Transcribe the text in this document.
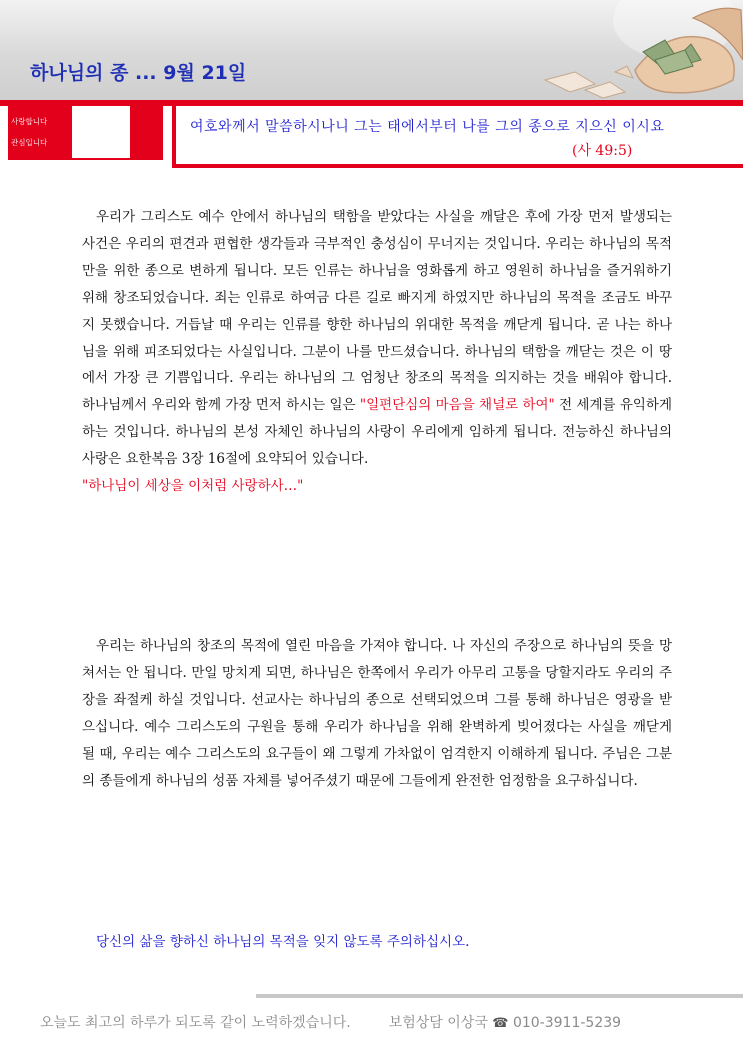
하나님의 종 ... 9월 21일
사랑합니다
관심입니다
여호와께서 말씀하시나니 그는 태에서부터 나를 그의 종으로 지으신 이시요
(사 49:5)

우리가 그리스도 예수 안에서 하나님의 택함을 받았다는 사실을 깨달은 후에 가장 먼저 발생되는 사건은 우리의 편견과 편협한 생각들과 극부적인 충성심이 무너지는 것입니다. 우리는 하나님의 목적만을 위한 종으로 변하게 됩니다. 모든 인류는 하나님을 영화롭게 하고 영원히 하나님을 즐거워하기 위해 창조되었습니다. 죄는 인류로 하여금 다른 길로 빠지게 하였지만 하나님의 목적을 조금도 바꾸지 못했습니다. 거듭날 때 우리는 인류를 향한 하나님의 위대한 목적을 깨닫게 됩니다. 곧 나는 하나님을 위해 피조되었다는 사실입니다. 그분이 나를 만드셨습니다. 하나님의 택함을 깨닫는 것은 이 땅에서 가장 큰 기쁨입니다. 우리는 하나님의 그 엄청난 창조의 목적을 의지하는 것을 배워야 합니다. 하나님께서 우리와 함께 가장 먼저 하시는 일은 "일편단심의 마음을 채널로 하여" 전 세계를 유익하게 하는 것입니다. 하나님의 본성 자체인 하나님의 사랑이 우리에게 임하게 됩니다. 전능하신 하나님의 사랑은 요한복음 3장 16절에 요약되어 있습니다.
"하나님이 세상을 이처럼 사랑하사…"

우리는 하나님의 창조의 목적에 열린 마음을 가져야 합니다. 나 자신의 주장으로 하나님의 뜻을 망쳐서는 안 됩니다. 만일 망치게 되면, 하나님은 한쪽에서 우리가 아무리 고통을 당할지라도 우리의 주장을 좌절케 하실 것입니다. 선교사는 하나님의 종으로 선택되었으며 그를 통해 하나님은 영광을 받으십니다. 예수 그리스도의 구원을 통해 우리가 하나님을 위해 완벽하게 빚어졌다는 사실을 깨닫게 될 때, 우리는 예수 그리스도의 요구들이 왜 그렇게 가차없이 엄격한지 이해하게 됩니다. 주님은 그분의 종들에게 하나님의 성품 자체를 넣어주셨기 때문에 그들에게 완전한 엄정함을 요구하십니다.

당신의 삶을 향하신 하나님의 목적을 잊지 않도록 주의하십시오.
오늘도 최고의 하루가 되도록 같이 노력하겠습니다.	보험상담 이상국 ☎ 010-3911-5239
